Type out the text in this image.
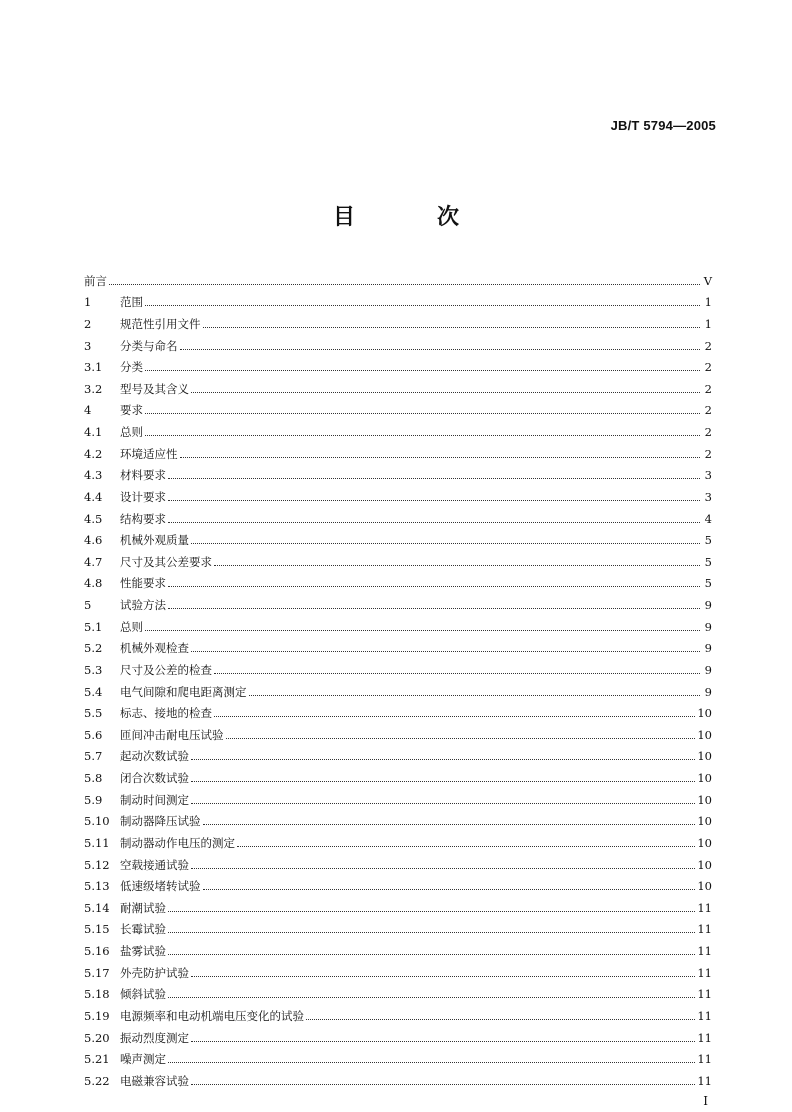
JB/T 5794—2005
目　次
前言	V
1	范围	1
2	规范性引用文件	1
3	分类与命名	2
3.1	分类	2
3.2	型号及其含义	2
4	要求	2
4.1	总则	2
4.2	环境适应性	2
4.3	材料要求	3
4.4	设计要求	3
4.5	结构要求	4
4.6	机械外观质量	5
4.7	尺寸及其公差要求	5
4.8	性能要求	5
5	试验方法	9
5.1	总则	9
5.2	机械外观检查	9
5.3	尺寸及公差的检查	9
5.4	电气间隙和爬电距离测定	9
5.5	标志、接地的检查	10
5.6	匝间冲击耐电压试验	10
5.7	起动次数试验	10
5.8	闭合次数试验	10
5.9	制动时间测定	10
5.10 制动器降压试验	10
5.11 制动器动作电压的测定	10
5.12 空载接通试验	10
5.13 低速级堵转试验	10
5.14 耐潮试验	11
5.15 长霉试验	11
5.16 盐雾试验	11
5.17 外壳防护试验	11
5.18 倾斜试验	11
5.19 电源频率和电动机端电压变化的试验	11
5.20 振动烈度测定	11
5.21 噪声测定	11
5.22 电磁兼容试验	11
I
